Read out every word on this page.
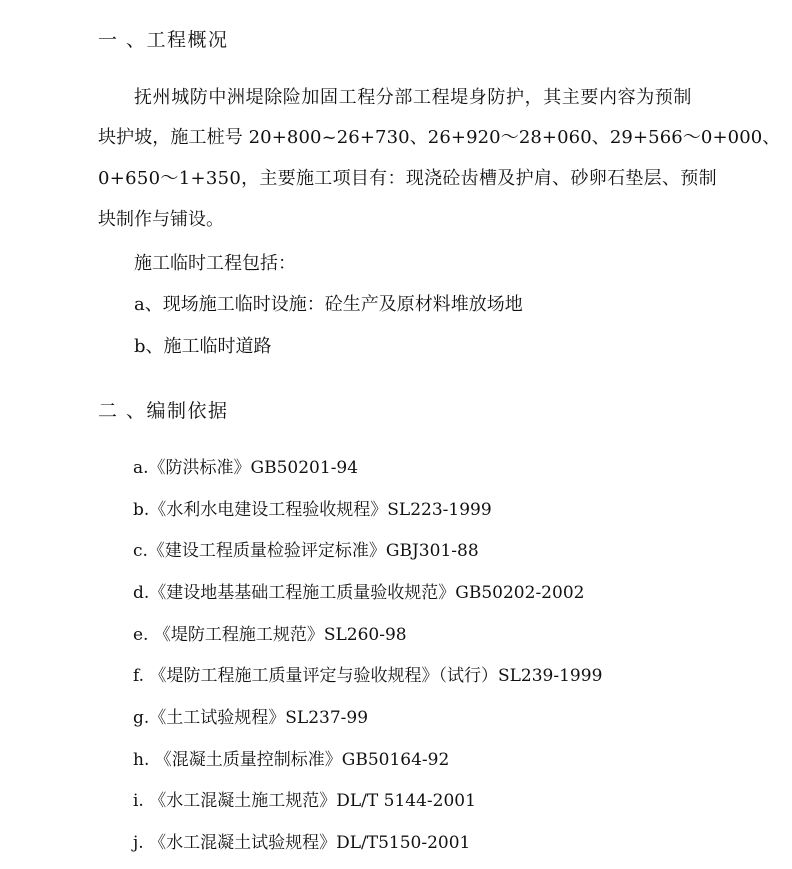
一 、工程概况
抚州城防中洲堤除险加固工程分部工程堤身防护，其主要内容为预制
块护坡，施工桩号 20+800~26+730、26+920～28+060、29+566～0+000、
0+650～1+350，主要施工项目有：现浇砼齿槽及护肩、砂卵石垫层、预制
块制作与铺设。
施工临时工程包括：
a、现场施工临时设施：砼生产及原材料堆放场地
b、施工临时道路
二 、编制依据
a.《防洪标准》GB50201-94
b.《水利水电建设工程验收规程》SL223-1999
c.《建设工程质量检验评定标准》GBJ301-88
d.《建设地基基础工程施工质量验收规范》GB50202-2002
e. 《堤防工程施工规范》SL260-98
f. 《堤防工程施工质量评定与验收规程》（试行）SL239-1999
g.《土工试验规程》SL237-99
h. 《混凝土质量控制标准》GB50164-92
i. 《水工混凝土施工规范》DL/T 5144-2001
j. 《水工混凝土试验规程》DL/T5150-2001
